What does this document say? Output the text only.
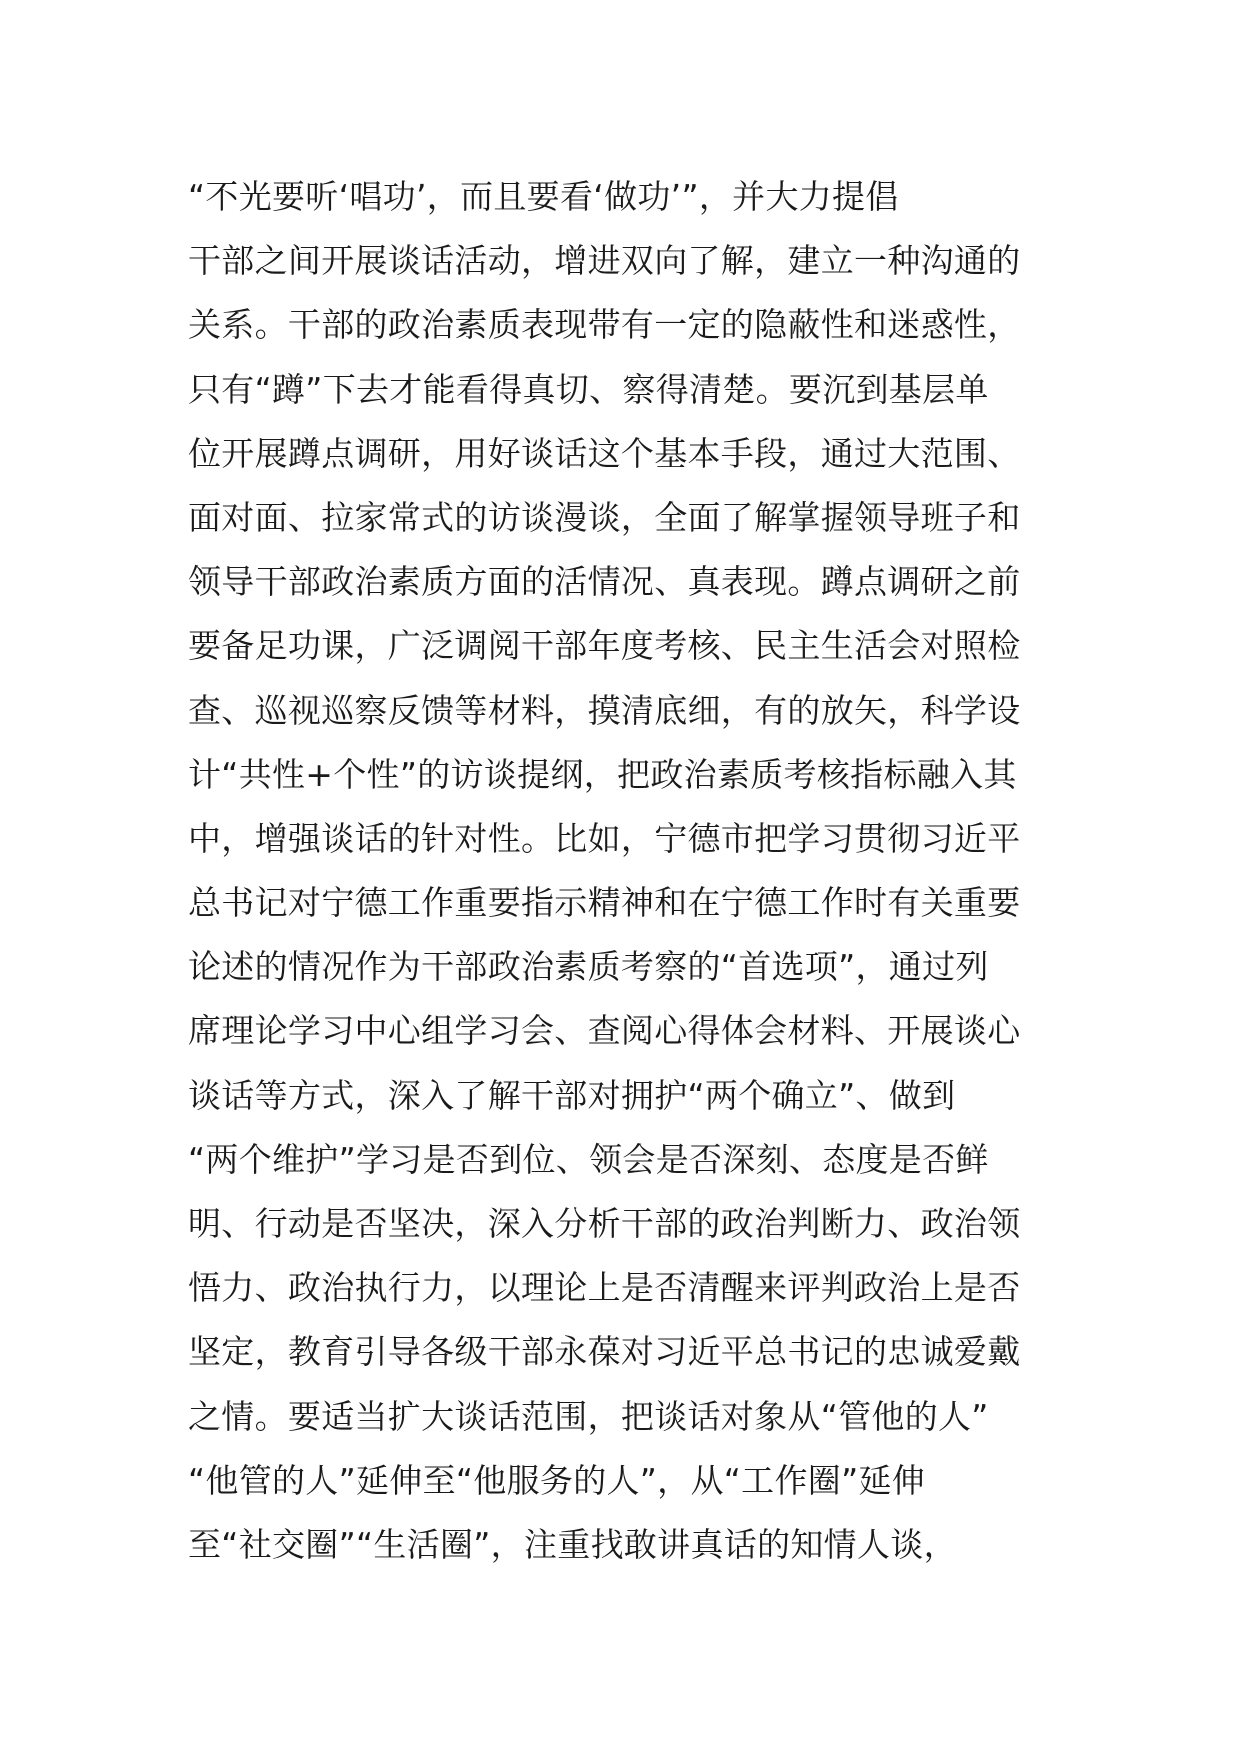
“不光要听‘唱功’，而且要看‘做功’”，并大力提倡
干部之间开展谈话活动，增进双向了解，建立一种沟通的
关系。干部的政治素质表现带有一定的隐蔽性和迷惑性，
只有“蹲”下去才能看得真切、察得清楚。要沉到基层单
位开展蹲点调研，用好谈话这个基本手段，通过大范围、
面对面、拉家常式的访谈漫谈，全面了解掌握领导班子和
领导干部政治素质方面的活情况、真表现。蹲点调研之前
要备足功课，广泛调阅干部年度考核、民主生活会对照检
查、巡视巡察反馈等材料，摸清底细，有的放矢，科学设
计“共性+个性”的访谈提纲，把政治素质考核指标融入其
中，增强谈话的针对性。比如，宁德市把学习贯彻习近平
总书记对宁德工作重要指示精神和在宁德工作时有关重要
论述的情况作为干部政治素质考察的“首选项”，通过列
席理论学习中心组学习会、查阅心得体会材料、开展谈心
谈话等方式，深入了解干部对拥护“两个确立”、做到
“两个维护”学习是否到位、领会是否深刻、态度是否鲜
明、行动是否坚决，深入分析干部的政治判断力、政治领
悟力、政治执行力，以理论上是否清醒来评判政治上是否
坚定，教育引导各级干部永葆对习近平总书记的忠诚爱戴
之情。要适当扩大谈话范围，把谈话对象从“管他的人”
“他管的人”延伸至“他服务的人”，从“工作圈”延伸
至“社交圈”“生活圈”，注重找敢讲真话的知情人谈，
